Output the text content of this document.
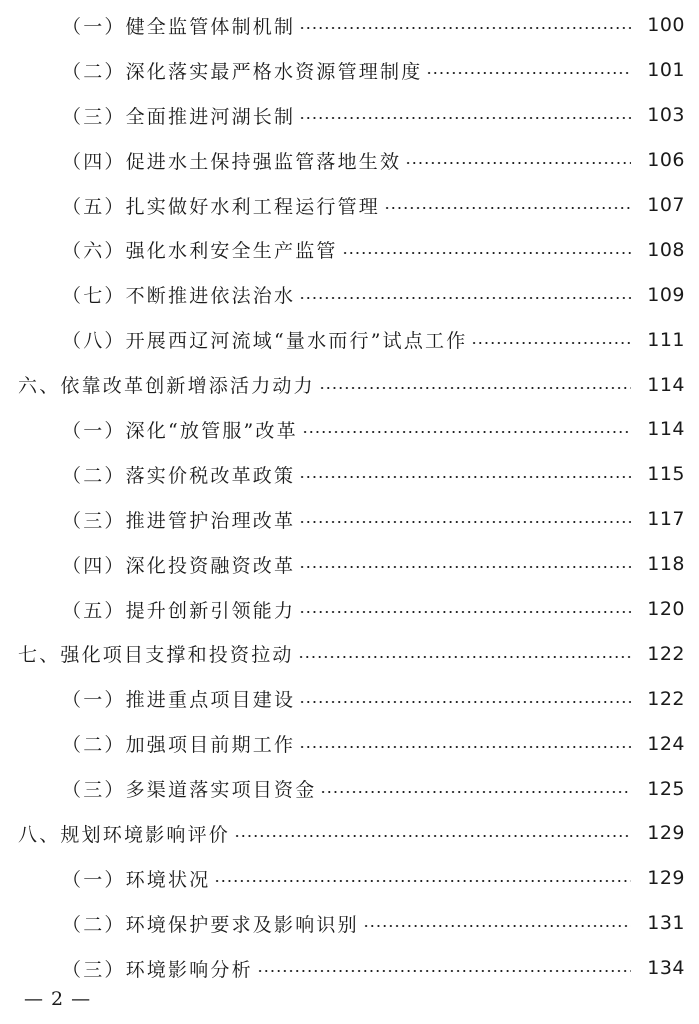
（一）健全监管体制机制	100
（二）深化落实最严格水资源管理制度	101
（三）全面推进河湖长制	103
（四）促进水土保持强监管落地生效	106
（五）扎实做好水利工程运行管理	107
（六）强化水利安全生产监管	108
（七）不断推进依法治水	109
（八）开展西辽河流域“量水而行”试点工作	111
六、依靠改革创新增添活力动力	114
（一）深化“放管服”改革	114
（二）落实价税改革政策	115
（三）推进管护治理改革	117
（四）深化投资融资改革	118
（五）提升创新引领能力	120
七、强化项目支撑和投资拉动	122
（一）推进重点项目建设	122
（二）加强项目前期工作	124
（三）多渠道落实项目资金	125
八、规划环境影响评价	129
（一）环境状况	129
（二）环境保护要求及影响识别	131
（三）环境影响分析	134
— 2 —
